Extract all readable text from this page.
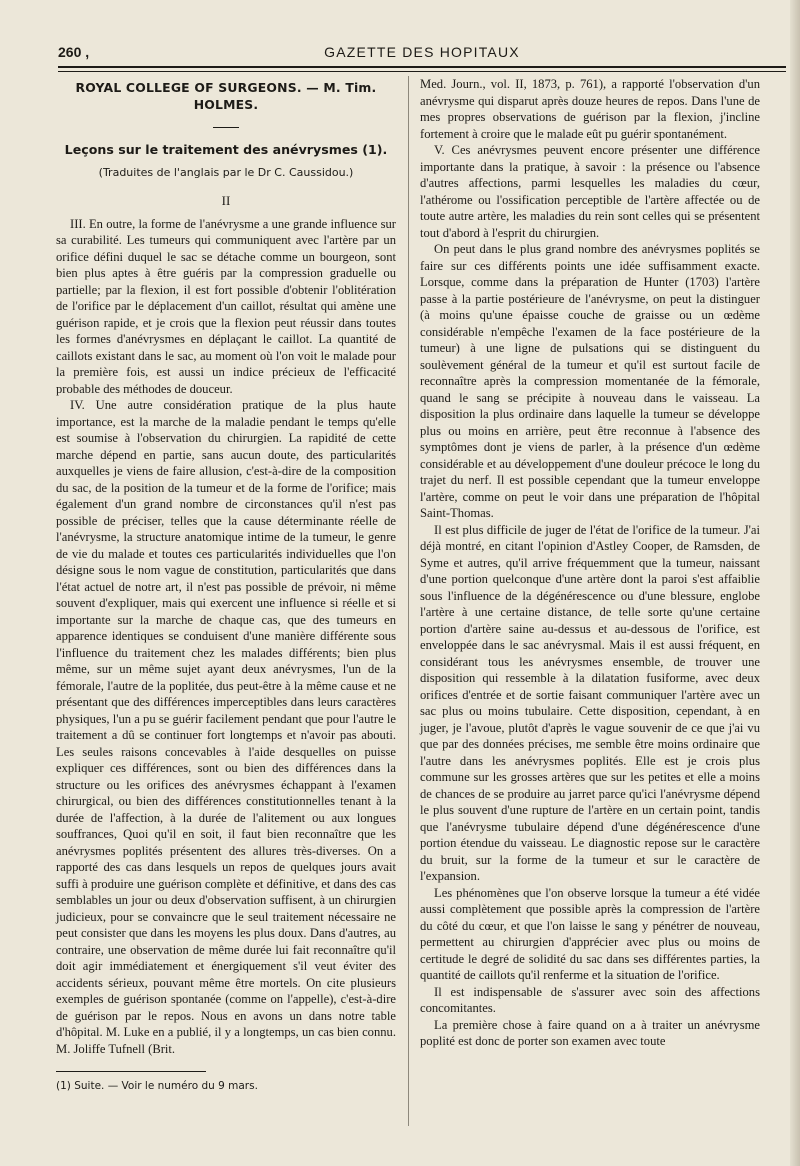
260 ,	GAZETTE DES HOPITAUX
ROYAL COLLEGE OF SURGEONS. — M. Tim. HOLMES.
Leçons sur le traitement des anévrysmes (1).
(Traduites de l'anglais par le Dr C. Caussidou.)
II

III. En outre, la forme de l'anévrysme a une grande influence sur sa curabilité. Les tumeurs qui communiquent avec l'artère par un orifice défini duquel le sac se détache comme un bourgeon, sont bien plus aptes à être guéris par la compression graduelle ou partielle; par la flexion, il est fort possible d'obtenir l'oblitération de l'orifice par le déplacement d'un caillot, résultat qui amène une guérison rapide, et je crois que la flexion peut réussir dans toutes les formes d'anévrysmes en déplaçant le caillot. La quantité de caillots existant dans le sac, au moment où l'on voit le malade pour la première fois, est aussi un indice précieux de l'efficacité probable des méthodes de douceur.

IV. Une autre considération pratique de la plus haute importance, est la marche de la maladie pendant le temps qu'elle est soumise à l'observation du chirurgien. La rapidité de cette marche dépend en partie, sans aucun doute, des particularités auxquelles je viens de faire allusion, c'est-à-dire de la composition du sac, de la position de la tumeur et de la forme de l'orifice; mais également d'un grand nombre de circonstances qu'il n'est pas possible de préciser, telles que la cause déterminante réelle de l'anévrysme, la structure anatomique intime de la tumeur, le genre de vie du malade et toutes ces particularités individuelles que l'on désigne sous le nom vague de constitution, particularités que dans l'état actuel de notre art, il n'est pas possible de prévoir, ni même souvent d'expliquer, mais qui exercent une influence si réelle et si importante sur la marche de chaque cas, que des tumeurs en apparence identiques se conduisent d'une manière différente sous l'influence du traitement chez les malades différents; bien plus même, sur un même sujet ayant deux anévrysmes, l'un de la fémorale, l'autre de la poplitée, dus peut-être à la même cause et ne présentant que des différences imperceptibles dans leurs caractères physiques, l'un a pu se guérir facilement pendant que pour l'autre le traitement a dû se continuer fort longtemps et n'avoir pas abouti. Les seules raisons concevables à l'aide desquelles on puisse expliquer ces différences, sont ou bien des différences dans la structure ou les orifices des anévrysmes échappant à l'examen chirurgical, ou bien des différences constitutionnelles tenant à la durée de l'affection, à la durée de l'alitement ou aux longues souffrances, Quoi qu'il en soit, il faut bien reconnaître que les anévrysmes poplités présentent des allures très-diverses. On a rapporté des cas dans lesquels un repos de quelques jours avait suffi à produire une guérison complète et définitive, et dans des cas semblables un jour ou deux d'observation suffisent, à un chirurgien judicieux, pour se convaincre que le seul traitement nécessaire ne peut consister que dans les moyens les plus doux. Dans d'autres, au contraire, une observation de même durée lui fait reconnaître qu'il doit agir immédiatement et énergiquement s'il veut éviter des accidents sérieux, pouvant même être mortels. On cite plusieurs exemples de guérison spontanée (comme on l'appelle), c'est-à-dire de guérison par le repos. Nous en avons un dans notre table d'hôpital. M. Luke en a publié, il y a longtemps, un cas bien connu. M. Joliffe Tufnell (Brit.

(1) Suite. — Voir le numéro du 9 mars.

Med. Journ., vol. II, 1873, p. 761), a rapporté l'observation d'un anévrysme qui disparut après douze heures de repos. Dans l'une de mes propres observations de guérison par la flexion, j'incline fortement à croire que le malade eût pu guérir spontanément.

V. Ces anévrysmes peuvent encore présenter une différence importante dans la pratique, à savoir : la présence ou l'absence d'autres affections, parmi lesquelles les maladies du cœur, l'athérome ou l'ossification perceptible de l'artère affectée ou de toute autre artère, les maladies du rein sont celles qui se présentent tout d'abord à l'esprit du chirurgien.

On peut dans le plus grand nombre des anévrysmes poplités se faire sur ces différents points une idée suffisamment exacte. Lorsque, comme dans la préparation de Hunter (1703) l'artère passe à la partie postérieure de l'anévrysme, on peut la distinguer (à moins qu'une épaisse couche de graisse ou un œdème considérable n'empêche l'examen de la face postérieure de la tumeur) à une ligne de pulsations qui se distinguent du soulèvement général de la tumeur et qu'il est surtout facile de reconnaître après la compression momentanée de la fémorale, quand le sang se précipite à nouveau dans le vaisseau. La disposition la plus ordinaire dans laquelle la tumeur se développe plus ou moins en arrière, peut être reconnue à l'absence des symptômes dont je viens de parler, à la présence d'un œdème considérable et au développement d'une douleur précoce le long du trajet du nerf. Il est possible cependant que la tumeur enveloppe l'artère, comme on peut le voir dans une préparation de l'hôpital Saint-Thomas.

Il est plus difficile de juger de l'état de l'orifice de la tumeur. J'ai déjà montré, en citant l'opinion d'Astley Cooper, de Ramsden, de Syme et autres, qu'il arrive fréquemment que la tumeur, naissant d'une portion quelconque d'une artère dont la paroi s'est affaiblie sous l'influence de la dégénérescence ou d'une blessure, englobe l'artère à une certaine distance, de telle sorte qu'une certaine portion d'artère saine au-dessus et au-dessous de l'orifice, est enveloppée dans le sac anévrysmal. Mais il est aussi fréquent, en considérant tous les anévrysmes ensemble, de trouver une disposition qui ressemble à la dilatation fusiforme, avec deux orifices d'entrée et de sortie faisant communiquer l'artère avec un sac plus ou moins tubulaire. Cette disposition, cependant, à en juger, je l'avoue, plutôt d'après le vague souvenir de ce que j'ai vu que par des données précises, me semble être moins ordinaire que l'autre dans les anévrysmes poplités. Elle est je crois plus commune sur les grosses artères que sur les petites et elle a moins de chances de se produire au jarret parce qu'ici l'anévrysme dépend le plus souvent d'une rupture de l'artère en un certain point, tandis que l'anévrysme tubulaire dépend d'une dégénérescence d'une portion étendue du vaisseau. Le diagnostic repose sur le caractère du bruit, sur la forme de la tumeur et sur le caractère de l'expansion.

Les phénomènes que l'on observe lorsque la tumeur a été vidée aussi complètement que possible après la compression de l'artère du côté du cœur, et que l'on laisse le sang y pénétrer de nouveau, permettent au chirurgien d'apprécier avec plus ou moins de certitude le degré de solidité du sac dans ses différentes parties, la quantité de caillots qu'il renferme et la situation de l'orifice.

Il est indispensable de s'assurer avec soin des affections concomitantes.

La première chose à faire quand on a à traiter un anévrysme poplité est donc de porter son examen avec toute
